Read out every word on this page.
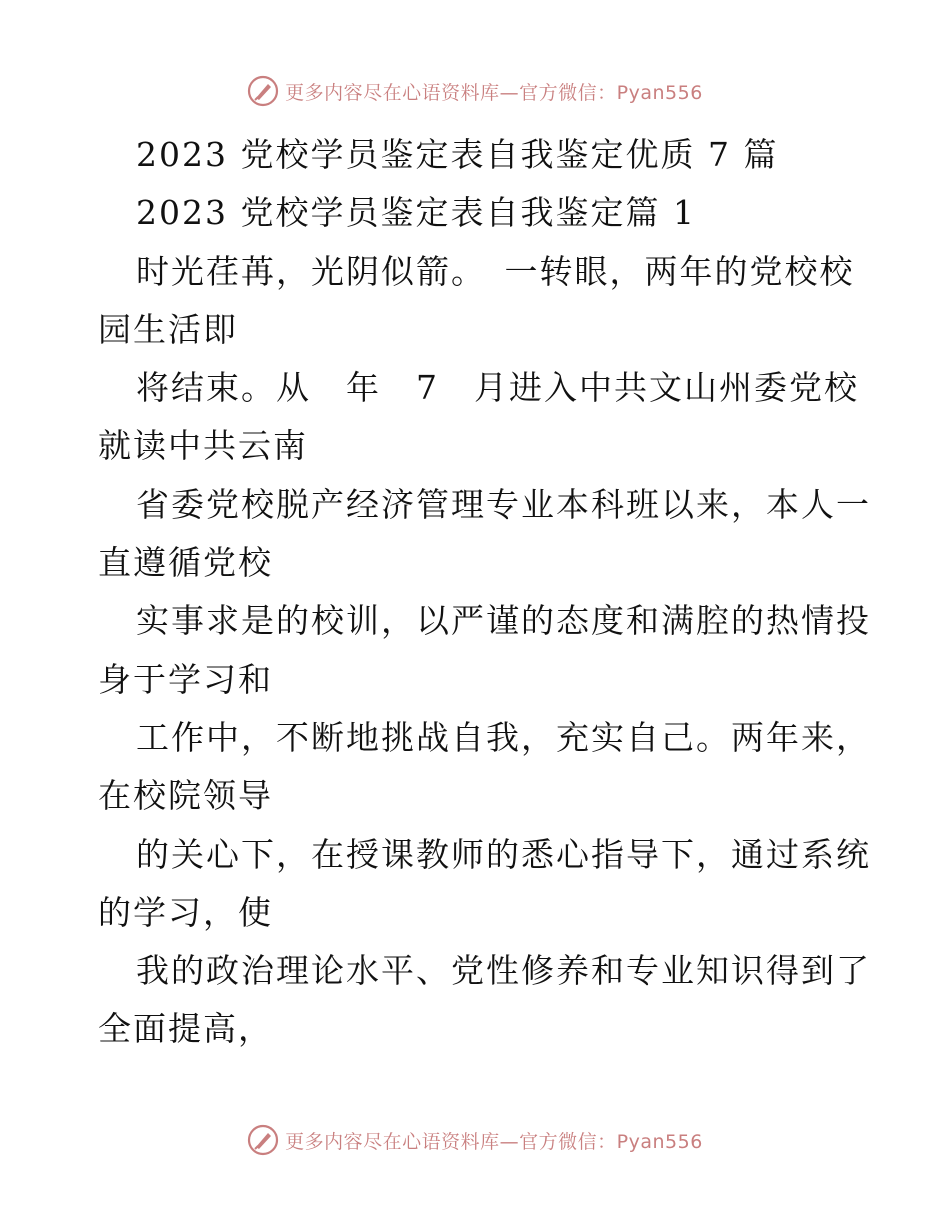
更多内容尽在心语资料库—官方微信：Pyan556
2023 党校学员鉴定表自我鉴定优质 7 篇
2023 党校学员鉴定表自我鉴定篇 1
时光荏苒，光阴似箭。　一转眼，两年的党校校
园生活即
将结束。从　年　7　月进入中共文山州委党校
就读中共云南
省委党校脱产经济管理专业本科班以来，本人一
直遵循党校
实事求是的校训，以严谨的态度和满腔的热情投
身于学习和
工作中，不断地挑战自我，充实自己。两年来，
在校院领导
的关心下，在授课教师的悉心指导下，通过系统
的学习，使
我的政治理论水平、党性修养和专业知识得到了
全面提高，
更多内容尽在心语资料库—官方微信：Pyan556
